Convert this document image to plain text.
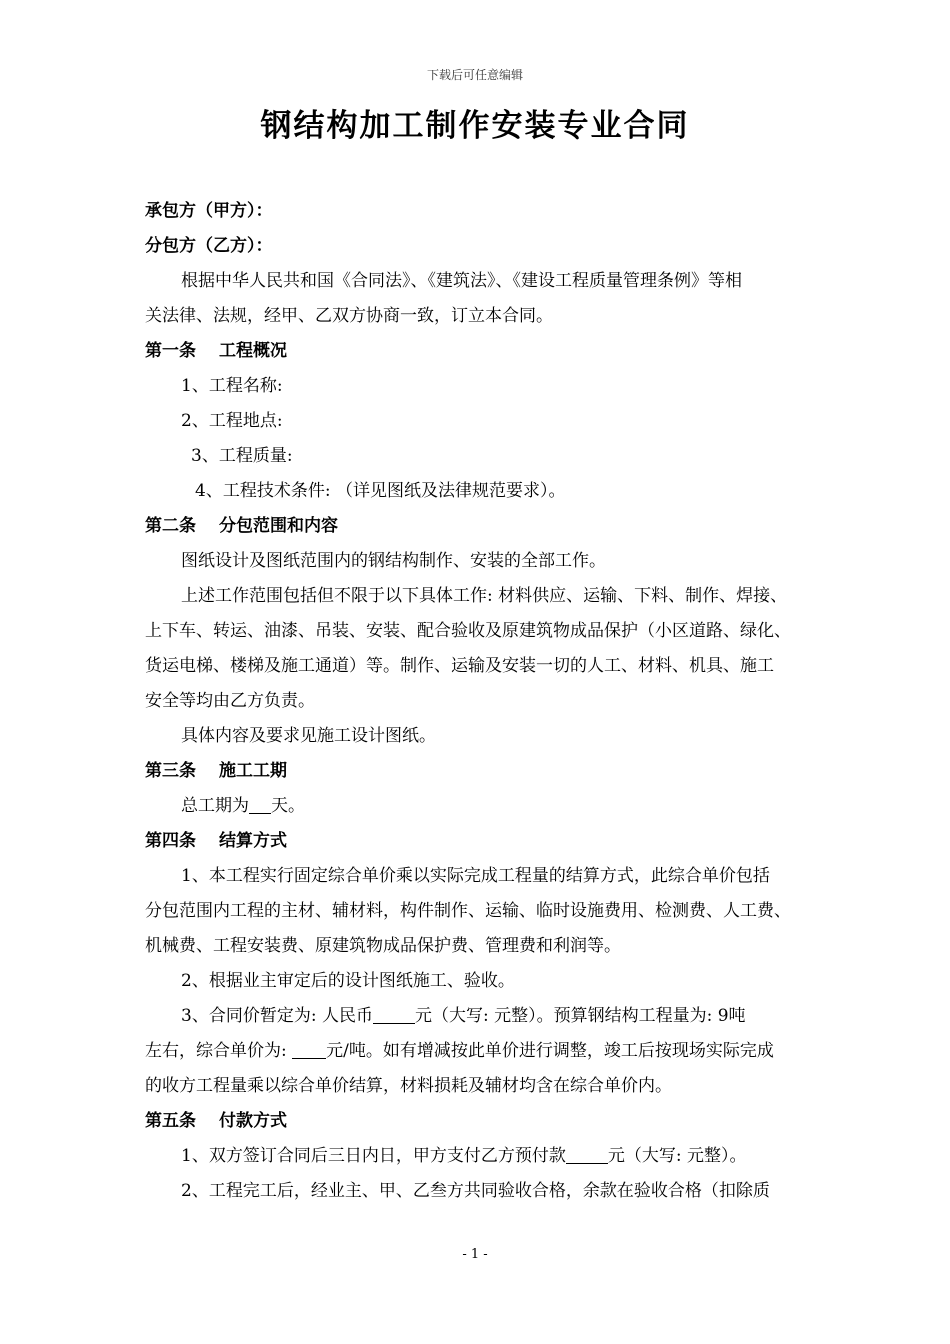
下载后可任意编辑
钢结构加工制作安装专业合同
承包方（甲方）：
分包方（乙方）：
根据中华人民共和国《合同法》、《建筑法》、《建设工程质量管理条例》等相
关法律、法规，经甲、乙双方协商一致，订立本合同。
第一条 工程概况
1、工程名称:
2、工程地点:
3、工程质量:
4、工程技术条件: （详见图纸及法律规范要求）。
第二条 分包范围和内容
图纸设计及图纸范围内的钢结构制作、安装的全部工作。
上述工作范围包括但不限于以下具体工作: 材料供应、运输、下料、制作、焊接、
上下车、转运、油漆、吊装、安装、配合验收及原建筑物成品保护（小区道路、绿化、
货运电梯、楼梯及施工通道）等。制作、运输及安装一切的人工、材料、机具、施工
安全等均由乙方负责。
具体内容及要求见施工设计图纸。
第三条 施工工期
总工期为 天。
第四条 结算方式
1、本工程实行固定综合单价乘以实际完成工程量的结算方式，此综合单价包括
分包范围内工程的主材、辅材料，构件制作、运输、临时设施费用、检测费、人工费、
机械费、工程安装费、原建筑物成品保护费、管理费和利润等。
2、根据业主审定后的设计图纸施工、验收。
3、合同价暂定为: 人民币 元（大写: 元整）。预算钢结构工程量为: 9吨
左右，综合单价为: 元/吨。如有增减按此单价进行调整，竣工后按现场实际完成
的收方工程量乘以综合单价结算，材料损耗及辅材均含在综合单价内。
第五条 付款方式
1、双方签订合同后三日内日，甲方支付乙方预付款 元（大写: 元整）。
2、工程完工后，经业主、甲、乙叁方共同验收合格，余款在验收合格（扣除质
- 1 -
